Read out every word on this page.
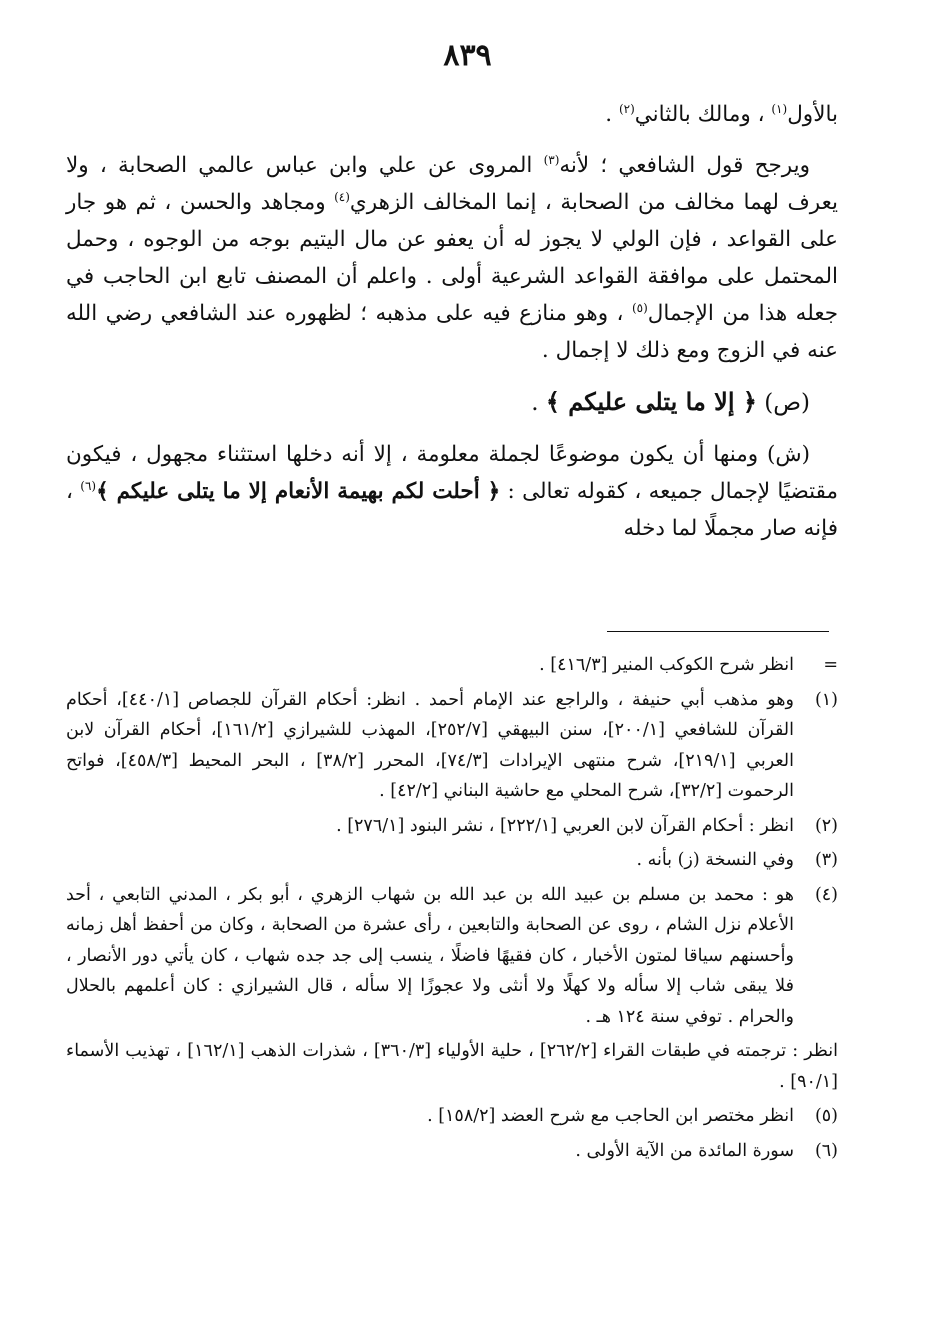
٨٣٩

بالأول$^{(١)}$ ، ومالك بالثاني$^{(٢)}$ .

ويرجح قول الشافعي ؛ لأنه$^{(٣)}$ المروى عن علي وابن عباس عالمي الصحابة ، ولا يعرف لهما مخالف من الصحابة ، إنما المخالف الزهري$^{(٤)}$ ومجاهد والحسن ، ثم هو جار على القواعد ، فإن الولي لا يجوز له أن يعفو عن مال اليتيم بوجه من الوجوه ، وحمل المحتمل على موافقة القواعد الشرعية أولى . واعلم أن المصنف تابع ابن الحاجب في جعله هذا من الإجمال$^{(٥)}$ ، وهو منازع فيه على مذهبه ؛ لظهوره عند الشافعي رضي الله عنه في الزوج ومع ذلك لا إجمال .

(ص) ﴿ إلا ما يتلى عليكم ﴾ .

(ش) ومنها أن يكون موضوعًا لجملة معلومة ، إلا أنه دخلها استثناء مجهول ، فيكون مقتضيًا لإجمال جميعه ، كقوله تعالى : ﴿ أحلت لكم بهيمة الأنعام إلا ما يتلى عليكم ﴾$^{(٦)}$ ، فإنه صار مجملًا لما دخله

=

انظر شرح الكوكب المنير [٤١٦/٣] .

(١)

وهو مذهب أبي حنيفة ، والراجع عند الإمام أحمد . انظر: أحكام القرآن للجصاص [٤٤٠/١]، أحكام القرآن للشافعي [٢٠٠/١]، سنن البيهقي [٢٥٢/٧]، المهذب للشيرازي [١٦١/٢]، أحكام القرآن لابن العربي [٢١٩/١]، شرح منتهى الإيرادات [٧٤/٣]، المحرر [٣٨/٢] ، البحر المحيط [٤٥٨/٣]، فواتح الرحموت [٣٢/٢]، شرح المحلي مع حاشية البناني [٤٢/٢] .

(٢)

انظر : أحكام القرآن لابن العربي [٢٢٢/١] ، نشر البنود [٢٧٦/١] .

(٣)

وفي النسخة (ز) بأنه .

(٤)

هو : محمد بن مسلم بن عبيد الله بن عبد الله بن شهاب الزهري ، أبو بكر ، المدني التابعي ، أحد الأعلام نزل الشام ، روى عن الصحابة والتابعين ، رأى عشرة من الصحابة ، وكان من أحفظ أهل زمانه وأحسنهم سياقا لمتون الأخبار ، كان فقيهًا فاضلًا ، ينسب إلى جد جده شهاب ، كان يأتي دور الأنصار ، فلا يبقى شاب إلا سأله ولا كهلًا ولا أنثى ولا عجوزًا إلا سأله ، قال الشيرازي : كان أعلمهم بالحلال والحرام . توفي سنة ١٢٤ هـ .

انظر : ترجمته في طبقات القراء [٢٦٢/٢] ، حلية الأولياء [٣٦٠/٣] ، شذرات الذهب [١٦٢/١] ، تهذيب الأسماء [٩٠/١] .

(٥)

انظر مختصر ابن الحاجب مع شرح العضد [١٥٨/٢] .

(٦)

سورة المائدة من الآية الأولى .
